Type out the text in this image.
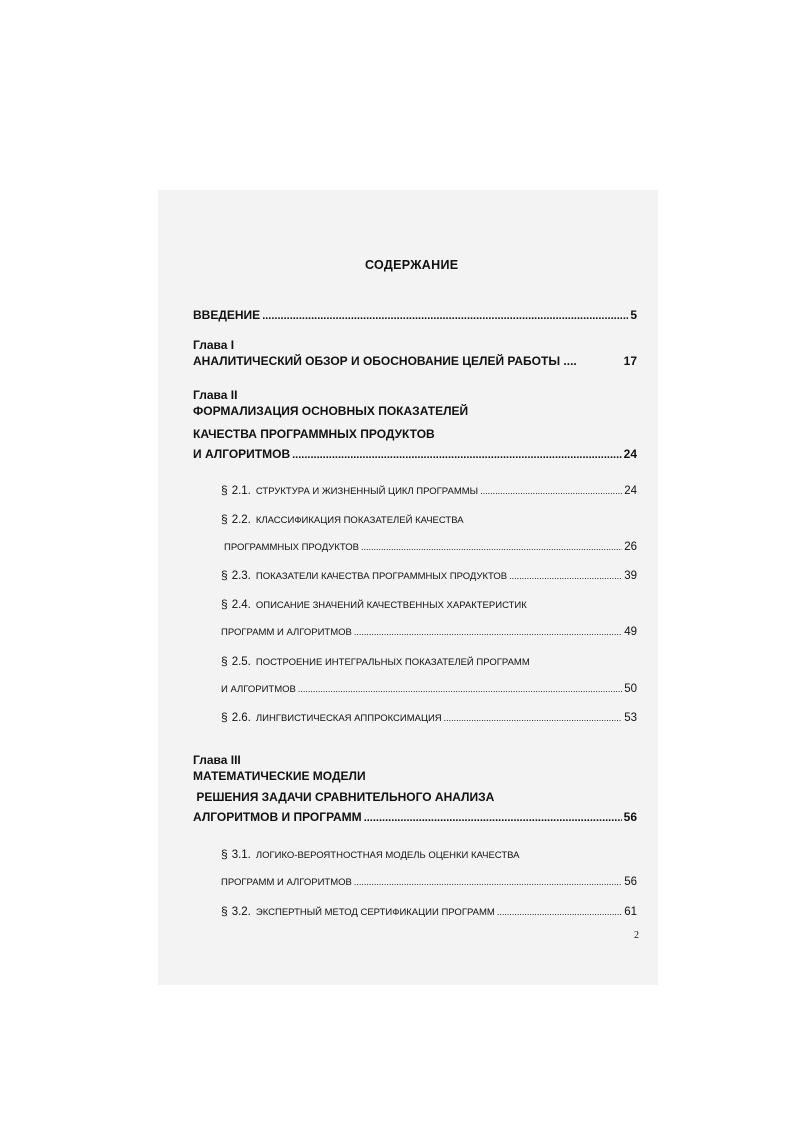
СОДЕРЖАНИЕ
ВВЕДЕНИЕ .....	5
Глава I
АНАЛИТИЧЕСКИЙ ОБЗОР И ОБОСНОВАНИЕ ЦЕЛЕЙ РАБОТЫ ....	17
Глава II
ФОРМАЛИЗАЦИЯ ОСНОВНЫХ ПОКАЗАТЕЛЕЙ
КАЧЕСТВА ПРОГРАММНЫХ ПРОДУКТОВ
И АЛГОРИТМОВ .....	24
§ 2.1. СТРУКТУРА И ЖИЗНЕННЫЙ ЦИКЛ ПРОГРАММЫ .....	24
§ 2.2. КЛАССИФИКАЦИЯ ПОКАЗАТЕЛЕЙ КАЧЕСТВА
ПРОГРАММНЫХ ПРОДУКТОВ .....	26
§ 2.3. ПОКАЗАТЕЛИ КАЧЕСТВА ПРОГРАММНЫХ ПРОДУКТОВ .....	39
§ 2.4. ОПИСАНИЕ ЗНАЧЕНИЙ КАЧЕСТВЕННЫХ ХАРАКТЕРИСТИК
ПРОГРАММ И АЛГОРИТМОВ .....	49
§ 2.5. ПОСТРОЕНИЕ ИНТЕГРАЛЬНЫХ ПОКАЗАТЕЛЕЙ ПРОГРАММ
И АЛГОРИТМОВ .....	50
§ 2.6. ЛИНГВИСТИЧЕСКАЯ АППРОКСИМАЦИЯ .....	53
Глава III
МАТЕМАТИЧЕСКИЕ МОДЕЛИ
РЕШЕНИЯ ЗАДАЧИ СРАВНИТЕЛЬНОГО АНАЛИЗА
АЛГОРИТМОВ И ПРОГРАММ .....	56
§ 3.1. ЛОГИКО-ВЕРОЯТНОСТНАЯ МОДЕЛЬ ОЦЕНКИ КАЧЕСТВА
ПРОГРАММ И АЛГОРИТМОВ .....	56
§ 3.2. ЭКСПЕРТНЫЙ МЕТОД СЕРТИФИКАЦИИ ПРОГРАММ .....	61
2
